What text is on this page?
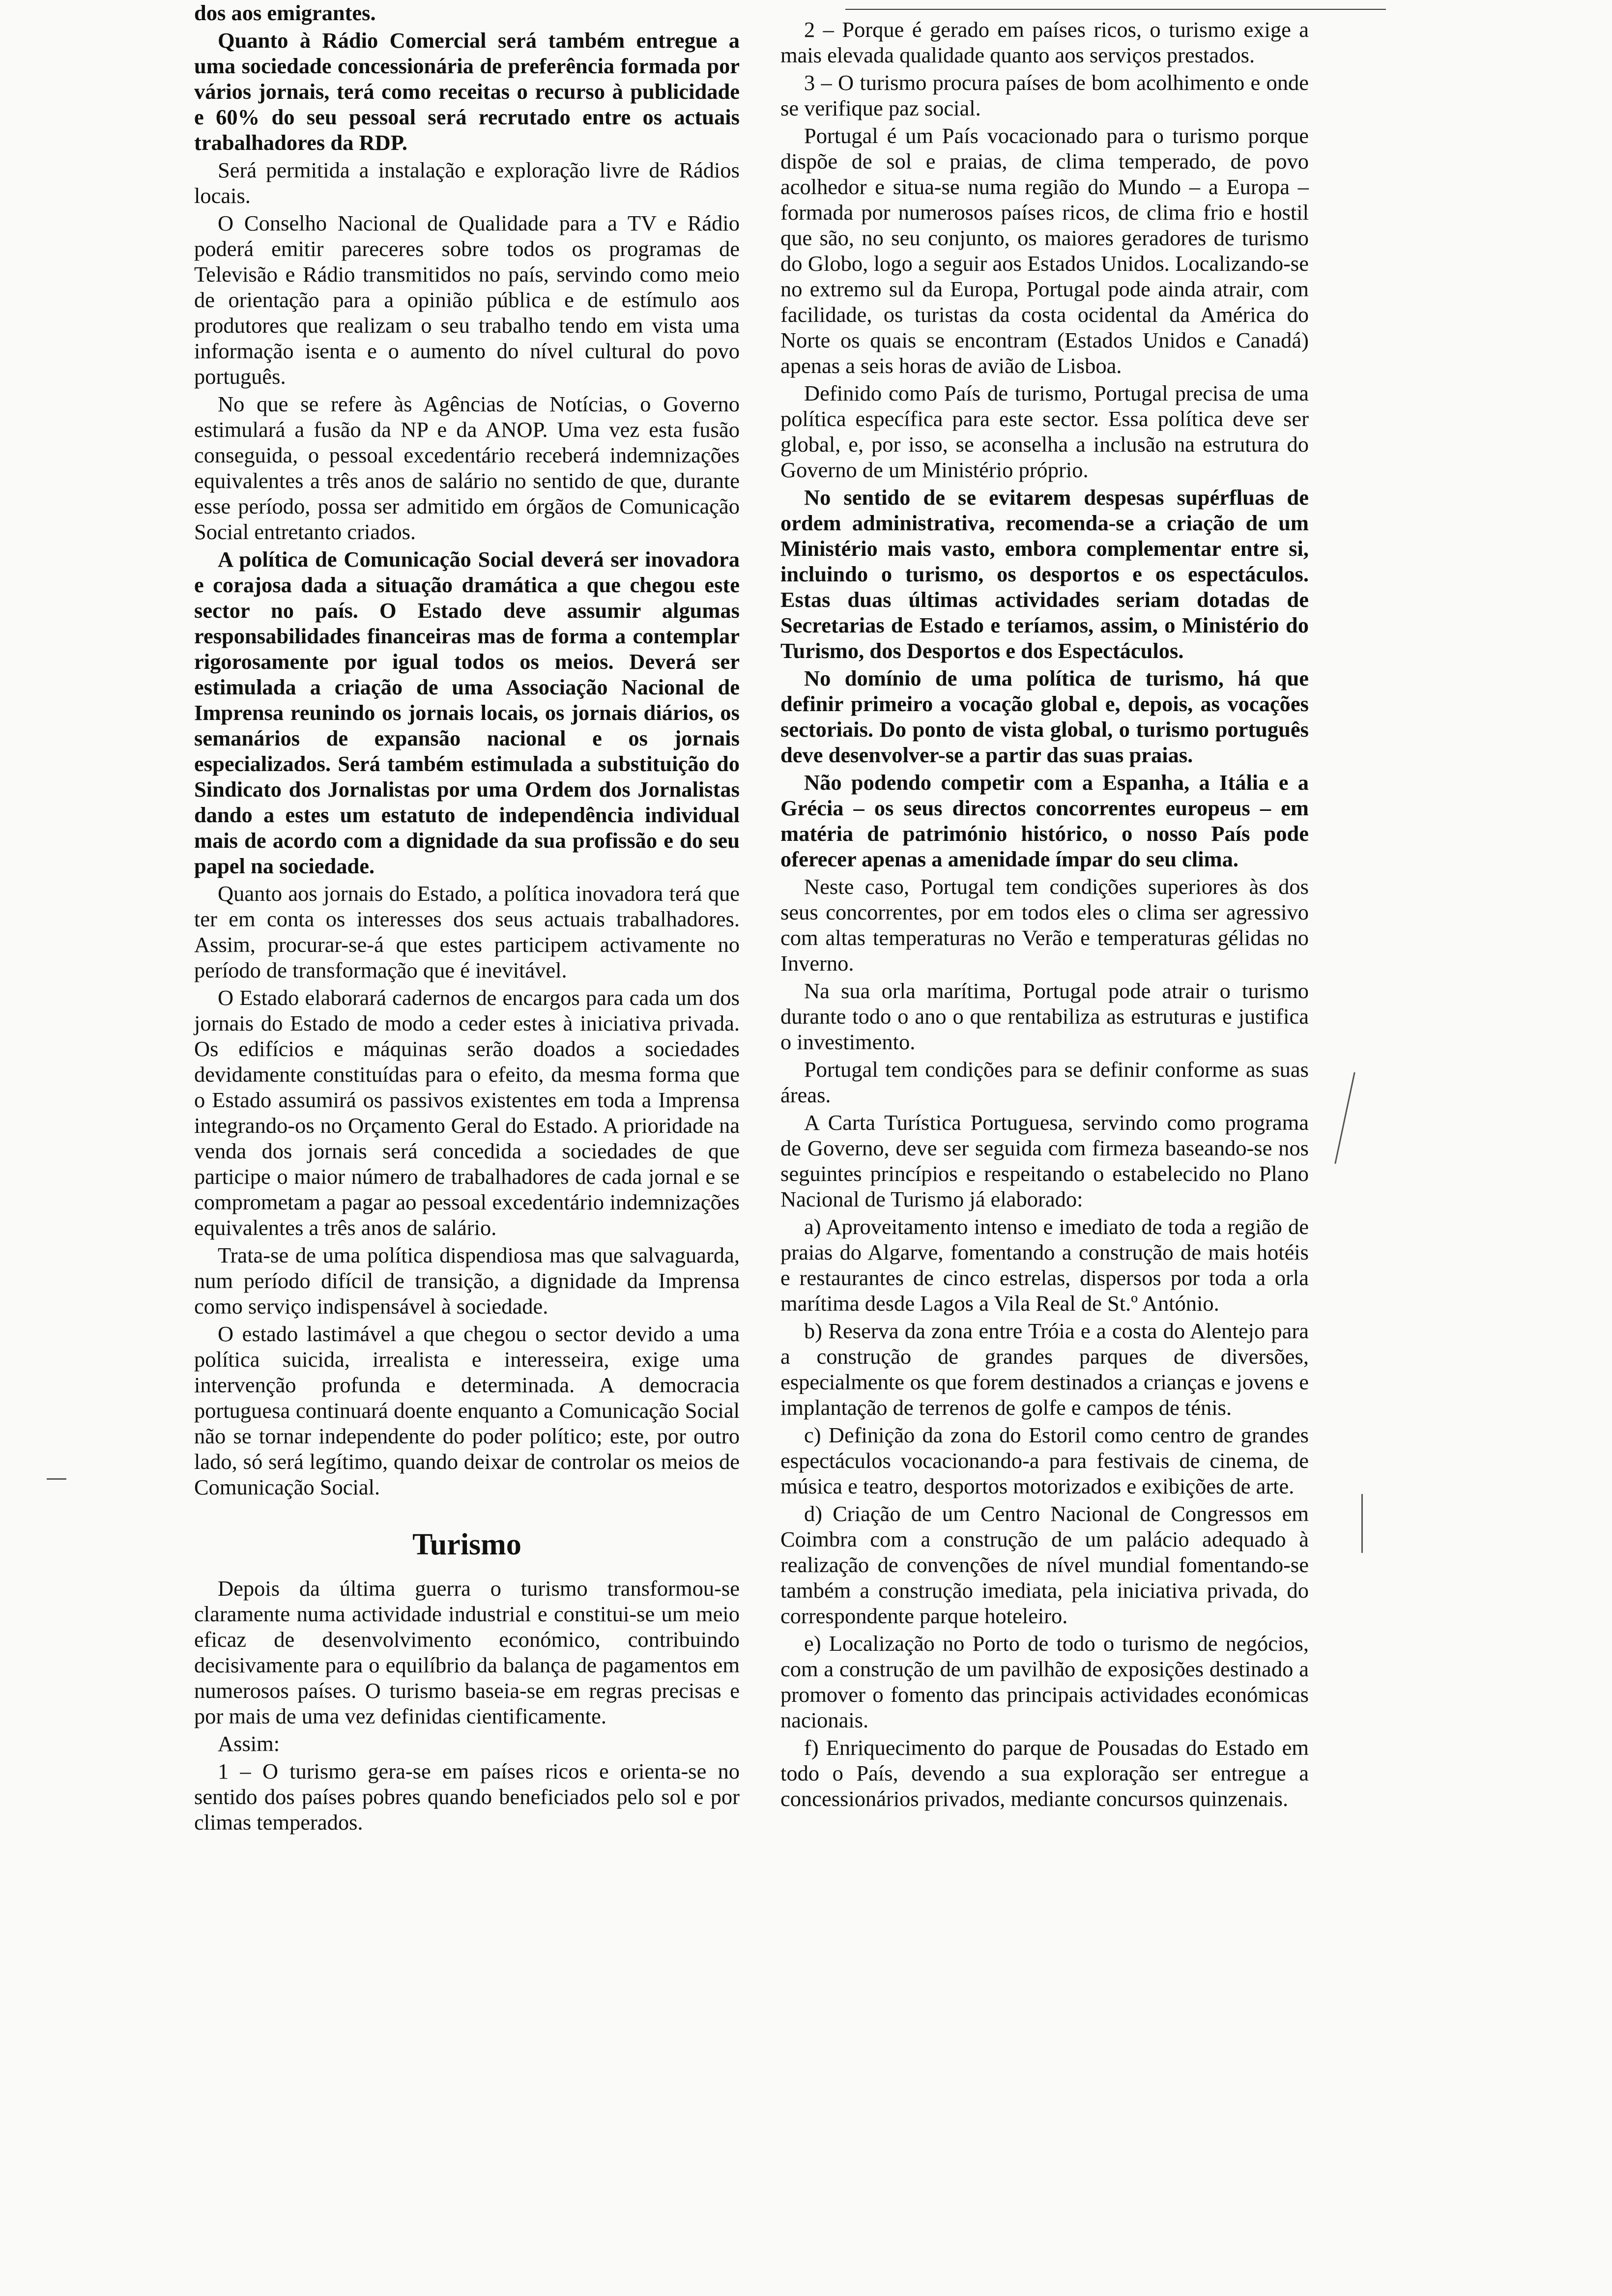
dos aos emigrantes.

Quanto à Rádio Comercial será também entregue a uma sociedade concessionária de preferência formada por vários jornais, terá como receitas o recurso à publicidade e 60% do seu pessoal será recrutado entre os actuais trabalhadores da RDP.

Será permitida a instalação e exploração livre de Rádios locais.

O Conselho Nacional de Qualidade para a TV e Rádio poderá emitir pareceres sobre todos os programas de Televisão e Rádio transmitidos no país, servindo como meio de orientação para a opinião pública e de estímulo aos produtores que realizam o seu trabalho tendo em vista uma informação isenta e o aumento do nível cultural do povo português.

No que se refere às Agências de Notícias, o Governo estimulará a fusão da NP e da ANOP. Uma vez esta fusão conseguida, o pessoal excedentário receberá indemnizações equivalentes a três anos de salário no sentido de que, durante esse período, possa ser admitido em órgãos de Comunicação Social entretanto criados.

A política de Comunicação Social deverá ser inovadora e corajosa dada a situação dramática a que chegou este sector no país. O Estado deve assumir algumas responsabilidades financeiras mas de forma a contemplar rigorosamente por igual todos os meios. Deverá ser estimulada a criação de uma Associação Nacional de Imprensa reunindo os jornais locais, os jornais diários, os semanários de expansão nacional e os jornais especializados. Será também estimulada a substituição do Sindicato dos Jornalistas por uma Ordem dos Jornalistas dando a estes um estatuto de independência individual mais de acordo com a dignidade da sua profissão e do seu papel na sociedade.

Quanto aos jornais do Estado, a política inovadora terá que ter em conta os interesses dos seus actuais trabalhadores. Assim, procurar-se-á que estes participem activamente no período de transformação que é inevitável.

O Estado elaborará cadernos de encargos para cada um dos jornais do Estado de modo a ceder estes à iniciativa privada. Os edifícios e máquinas serão doados a sociedades devidamente constituídas para o efeito, da mesma forma que o Estado assumirá os passivos existentes em toda a Imprensa integrando-os no Orçamento Geral do Estado. A prioridade na venda dos jornais será concedida a sociedades de que participe o maior número de trabalhadores de cada jornal e se comprometam a pagar ao pessoal excedentário indemnizações equivalentes a três anos de salário.

Trata-se de uma política dispendiosa mas que salvaguarda, num período difícil de transição, a dignidade da Imprensa como serviço indispensável à sociedade.

O estado lastimável a que chegou o sector devido a uma política suicida, irrealista e interesseira, exige uma intervenção profunda e determinada. A democracia portuguesa continuará doente enquanto a Comunicação Social não se tornar independente do poder político; este, por outro lado, só será legítimo, quando deixar de controlar os meios de Comunicação Social.

Turismo

Depois da última guerra o turismo transformou-se claramente numa actividade industrial e constitui-se um meio eficaz de desenvolvimento económico, contribuindo decisivamente para o equilíbrio da balança de pagamentos em numerosos países. O turismo baseia-se em regras precisas e por mais de uma vez definidas cientificamente.

Assim:

1 – O turismo gera-se em países ricos e orienta-se no sentido dos países pobres quando beneficiados pelo sol e por climas temperados.

2 – Porque é gerado em países ricos, o turismo exige a mais elevada qualidade quanto aos serviços prestados.

3 – O turismo procura países de bom acolhimento e onde se verifique paz social.

Portugal é um País vocacionado para o turismo porque dispõe de sol e praias, de clima temperado, de povo acolhedor e situa-se numa região do Mundo – a Europa – formada por numerosos países ricos, de clima frio e hostil que são, no seu conjunto, os maiores geradores de turismo do Globo, logo a seguir aos Estados Unidos. Localizando-se no extremo sul da Europa, Portugal pode ainda atrair, com facilidade, os turistas da costa ocidental da América do Norte os quais se encontram (Estados Unidos e Canadá) apenas a seis horas de avião de Lisboa.

Definido como País de turismo, Portugal precisa de uma política específica para este sector. Essa política deve ser global, e, por isso, se aconselha a inclusão na estrutura do Governo de um Ministério próprio.

No sentido de se evitarem despesas supérfluas de ordem administrativa, recomenda-se a criação de um Ministério mais vasto, embora complementar entre si, incluindo o turismo, os desportos e os espectáculos. Estas duas últimas actividades seriam dotadas de Secretarias de Estado e teríamos, assim, o Ministério do Turismo, dos Desportos e dos Espectáculos.

No domínio de uma política de turismo, há que definir primeiro a vocação global e, depois, as vocações sectoriais. Do ponto de vista global, o turismo português deve desenvolver-se a partir das suas praias.

Não podendo competir com a Espanha, a Itália e a Grécia – os seus directos concorrentes europeus – em matéria de património histórico, o nosso País pode oferecer apenas a amenidade ímpar do seu clima.

Neste caso, Portugal tem condições superiores às dos seus concorrentes, por em todos eles o clima ser agressivo com altas temperaturas no Verão e temperaturas gélidas no Inverno.

Na sua orla marítima, Portugal pode atrair o turismo durante todo o ano o que rentabiliza as estruturas e justifica o investimento.

Portugal tem condições para se definir conforme as suas áreas.

A Carta Turística Portuguesa, servindo como programa de Governo, deve ser seguida com firmeza baseando-se nos seguintes princípios e respeitando o estabelecido no Plano Nacional de Turismo já elaborado:

a) Aproveitamento intenso e imediato de toda a região de praias do Algarve, fomentando a construção de mais hotéis e restaurantes de cinco estrelas, dispersos por toda a orla marítima desde Lagos a Vila Real de St.º António.

b) Reserva da zona entre Tróia e a costa do Alentejo para a construção de grandes parques de diversões, especialmente os que forem destinados a crianças e jovens e implantação de terrenos de golfe e campos de ténis.

c) Definição da zona do Estoril como centro de grandes espectáculos vocacionando-a para festivais de cinema, de música e teatro, desportos motorizados e exibições de arte.

d) Criação de um Centro Nacional de Congressos em Coimbra com a construção de um palácio adequado à realização de convenções de nível mundial fomentando-se também a construção imediata, pela iniciativa privada, do correspondente parque hoteleiro.

e) Localização no Porto de todo o turismo de negócios, com a construção de um pavilhão de exposições destinado a promover o fomento das principais actividades económicas nacionais.

f) Enriquecimento do parque de Pousadas do Estado em todo o País, devendo a sua exploração ser entregue a concessionários privados, mediante concursos quinzenais.
